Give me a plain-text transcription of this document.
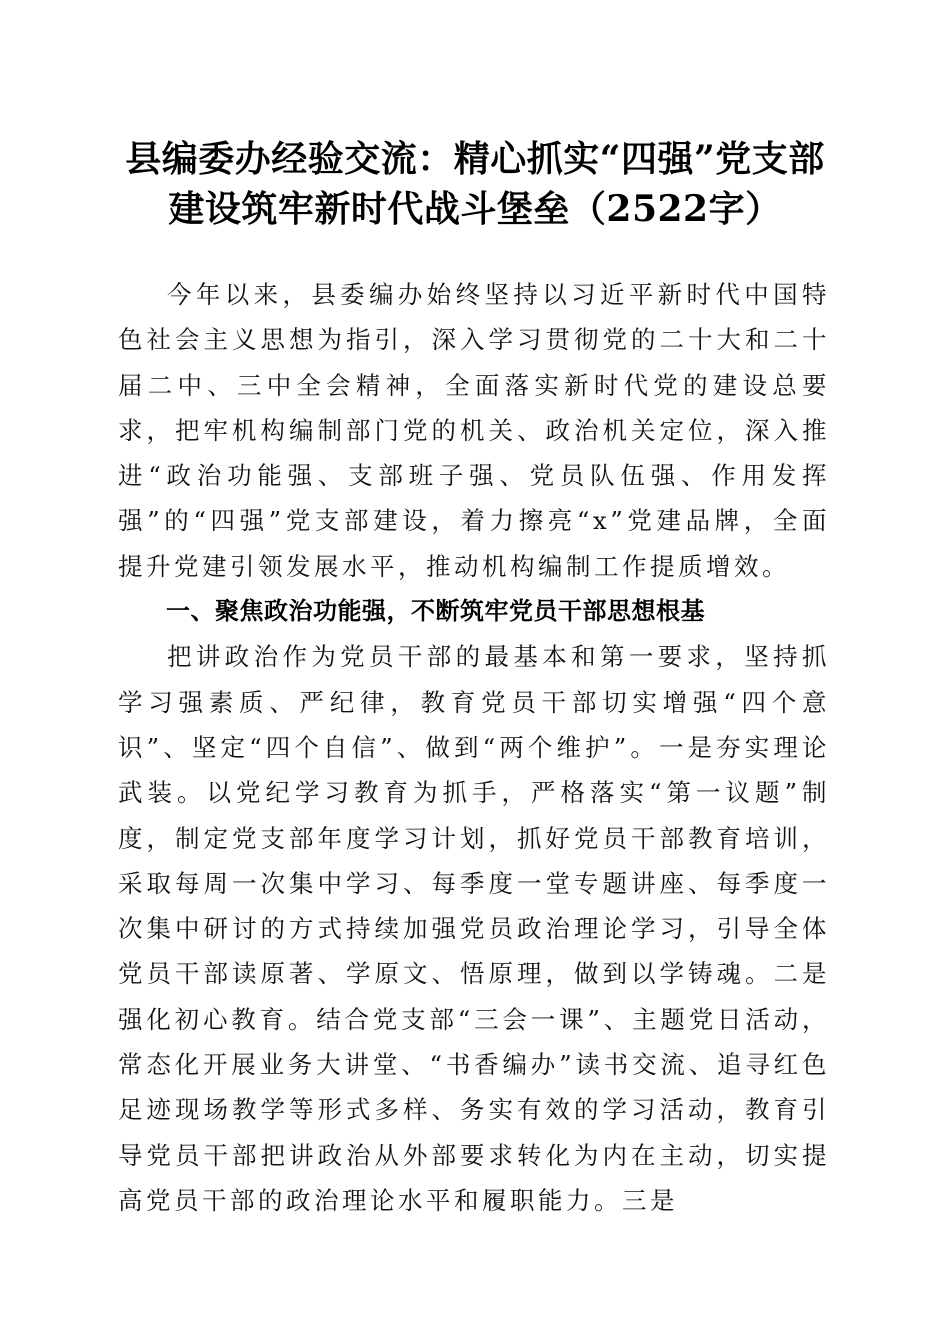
县编委办经验交流：精心抓实“四强”党支部
建设筑牢新时代战斗堡垒（2522字）

今年以来，县委编办始终坚持以习近平新时代中国特色社会主义思想为指引，深入学习贯彻党的二十大和二十届二中、三中全会精神，全面落实新时代党的建设总要求，把牢机构编制部门党的机关、政治机关定位，深入推进“政治功能强、支部班子强、党员队伍强、作用发挥强”的“四强”党支部建设，着力擦亮“x”党建品牌，全面提升党建引领发展水平，推动机构编制工作提质增效。

一、聚焦政治功能强，不断筑牢党员干部思想根基

把讲政治作为党员干部的最基本和第一要求，坚持抓学习强素质、严纪律，教育党员干部切实增强“四个意识”、坚定“四个自信”、做到“两个维护”。一是夯实理论武装。以党纪学习教育为抓手，严格落实“第一议题”制度，制定党支部年度学习计划，抓好党员干部教育培训，采取每周一次集中学习、每季度一堂专题讲座、每季度一次集中研讨的方式持续加强党员政治理论学习，引导全体党员干部读原著、学原文、悟原理，做到以学铸魂。二是强化初心教育。结合党支部“三会一课”、主题党日活动，常态化开展业务大讲堂、“书香编办”读书交流、追寻红色足迹现场教学等形式多样、务实有效的学习活动，教育引导党员干部把讲政治从外部要求转化为内在主动，切实提高党员干部的政治理论水平和履职能力。三是
